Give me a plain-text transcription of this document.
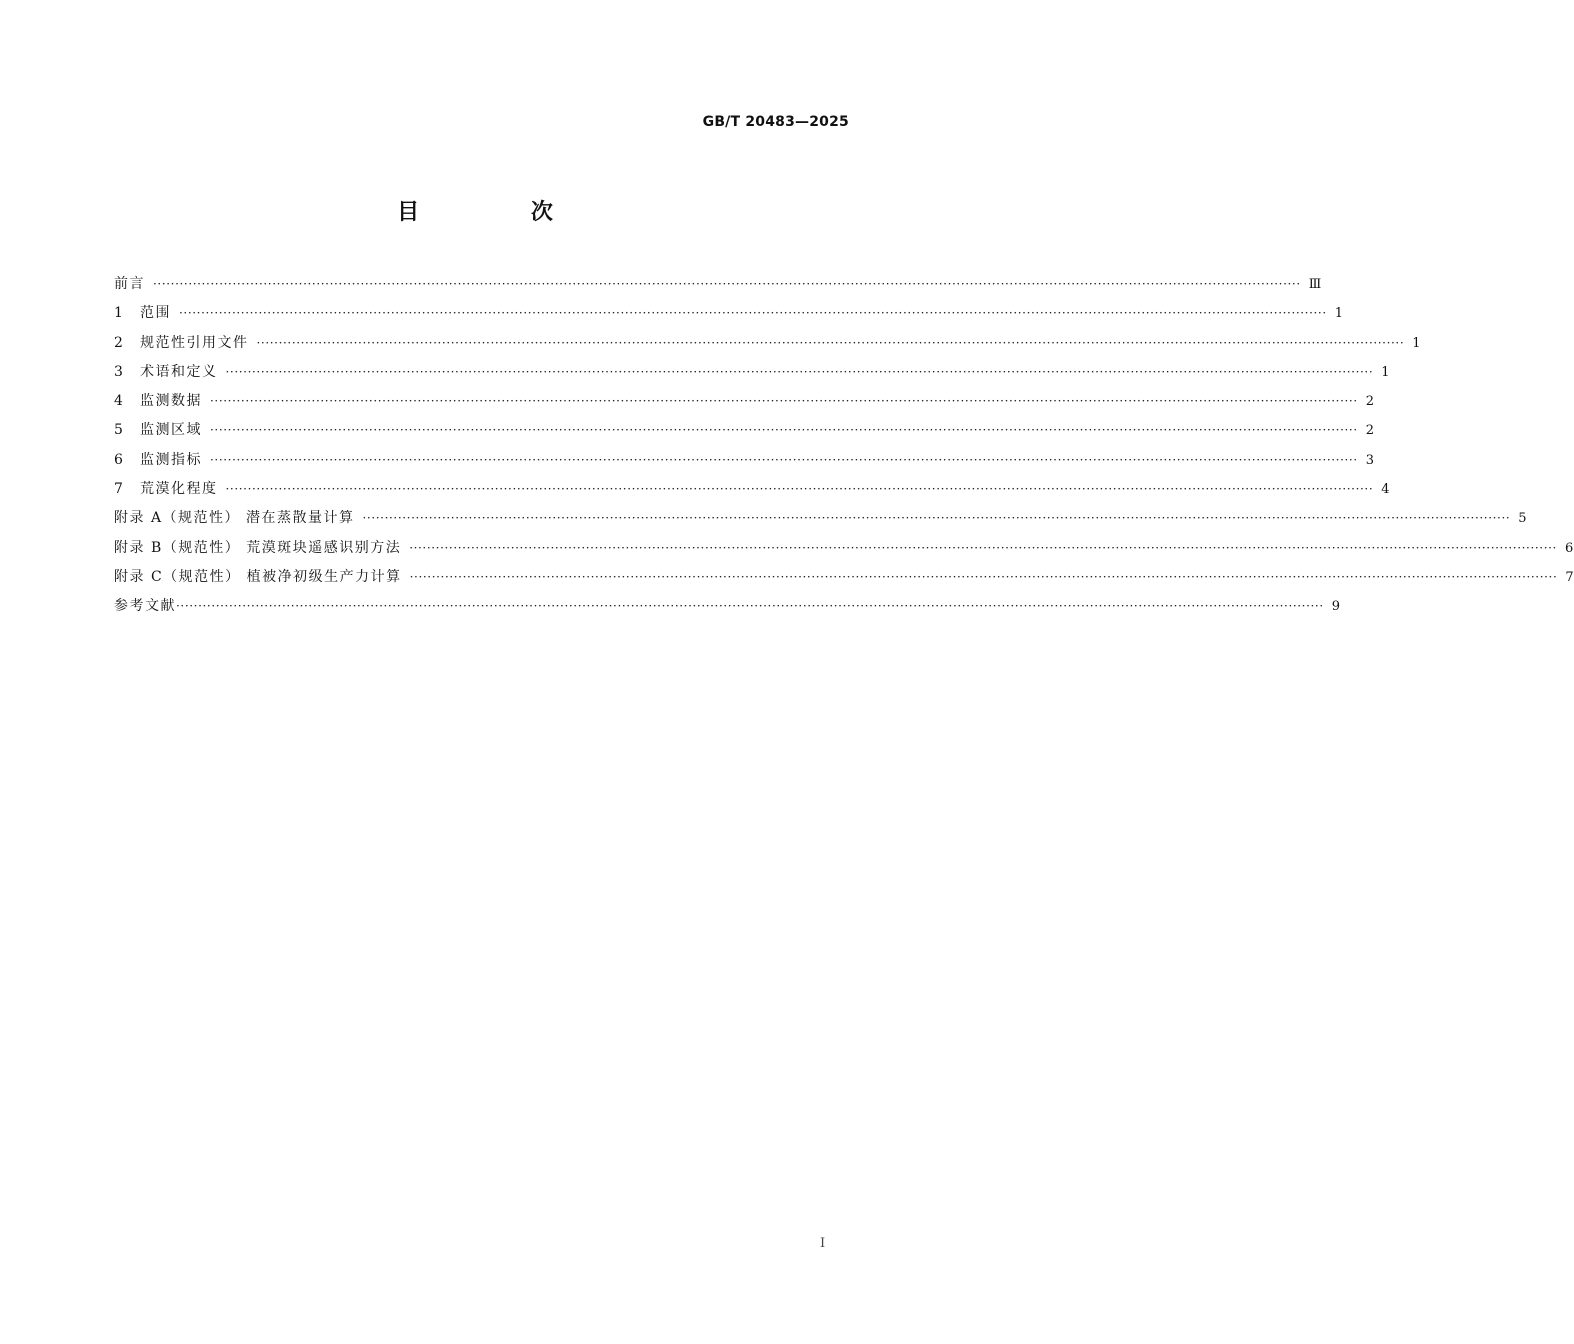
GB/T 20483—2025
目 次
前言 ···································································································································································································································································· Ⅲ
1	范围 ···································································································································································································································································· 1
2	规范性引用文件 ···································································································································································································································································· 1
3	术语和定义 ···································································································································································································································································· 1
4	监测数据 ···································································································································································································································································· 2
5	监测区域 ···································································································································································································································································· 2
6	监测指标 ···································································································································································································································································· 3
7	荒漠化程度 ···································································································································································································································································· 4
附录 A（规范性） 潜在蒸散量计算 ···································································································································································································································································· 5
附录 B（规范性） 荒漠斑块遥感识别方法 ···································································································································································································································································· 6
附录 C（规范性） 植被净初级生产力计算 ···································································································································································································································································· 7
参考文献 ···································································································································································································································································· 9
Ⅰ
